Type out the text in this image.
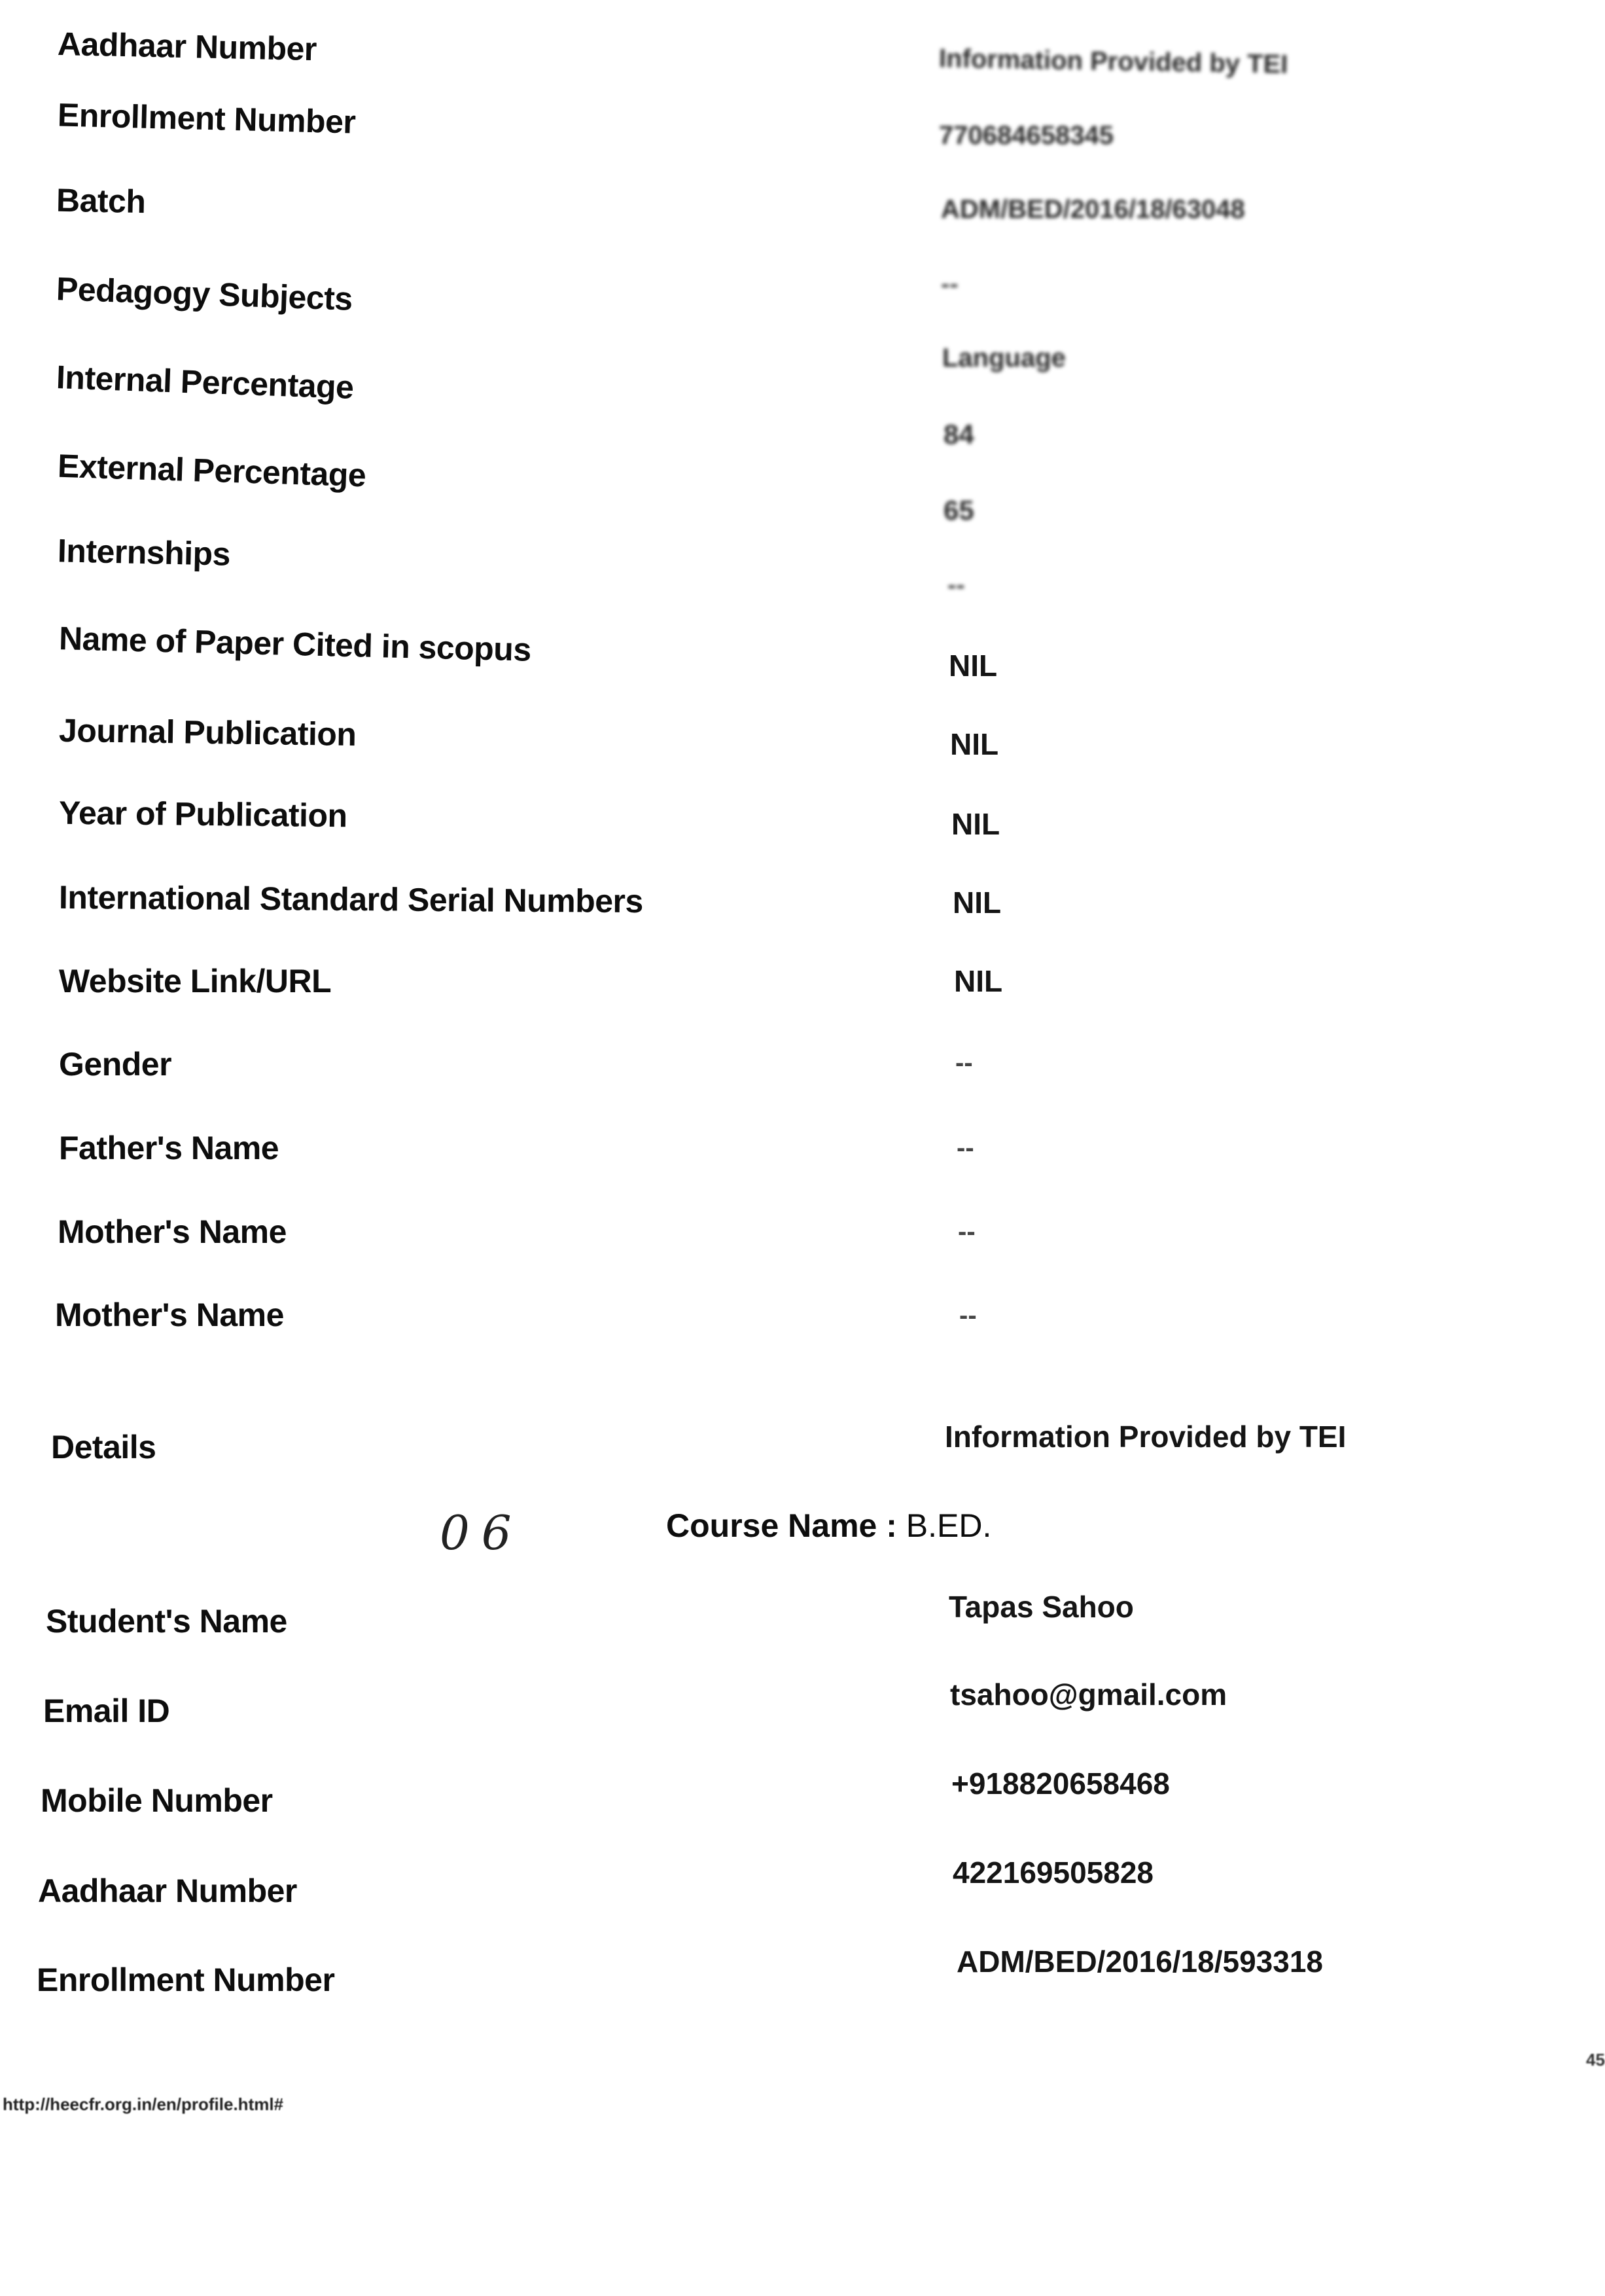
Aadhaar Number
Enrollment Number
Batch
Pedagogy Subjects
Internal Percentage
External Percentage
Internships
Name of Paper Cited in scopus
Journal Publication
Year of Publication
International Standard Serial Numbers
Website Link/URL
Gender
Father's Name
Mother's Name
Mother's Name
Information Provided by TEI
770684658345
ADM/BED/2016/18/63048
--
Language
84
65
--
NIL
NIL
NIL
NIL
NIL
--
--
--
--
Details	Information Provided by TEI
06	Course Name : B.ED.
Student's Name
Email ID
Mobile Number
Aadhaar Number
Enrollment Number
Tapas Sahoo
tsahoo@gmail.com
+918820658468
422169505828
ADM/BED/2016/18/593318
http://heecfr.org.in/en/profile.html#
45
